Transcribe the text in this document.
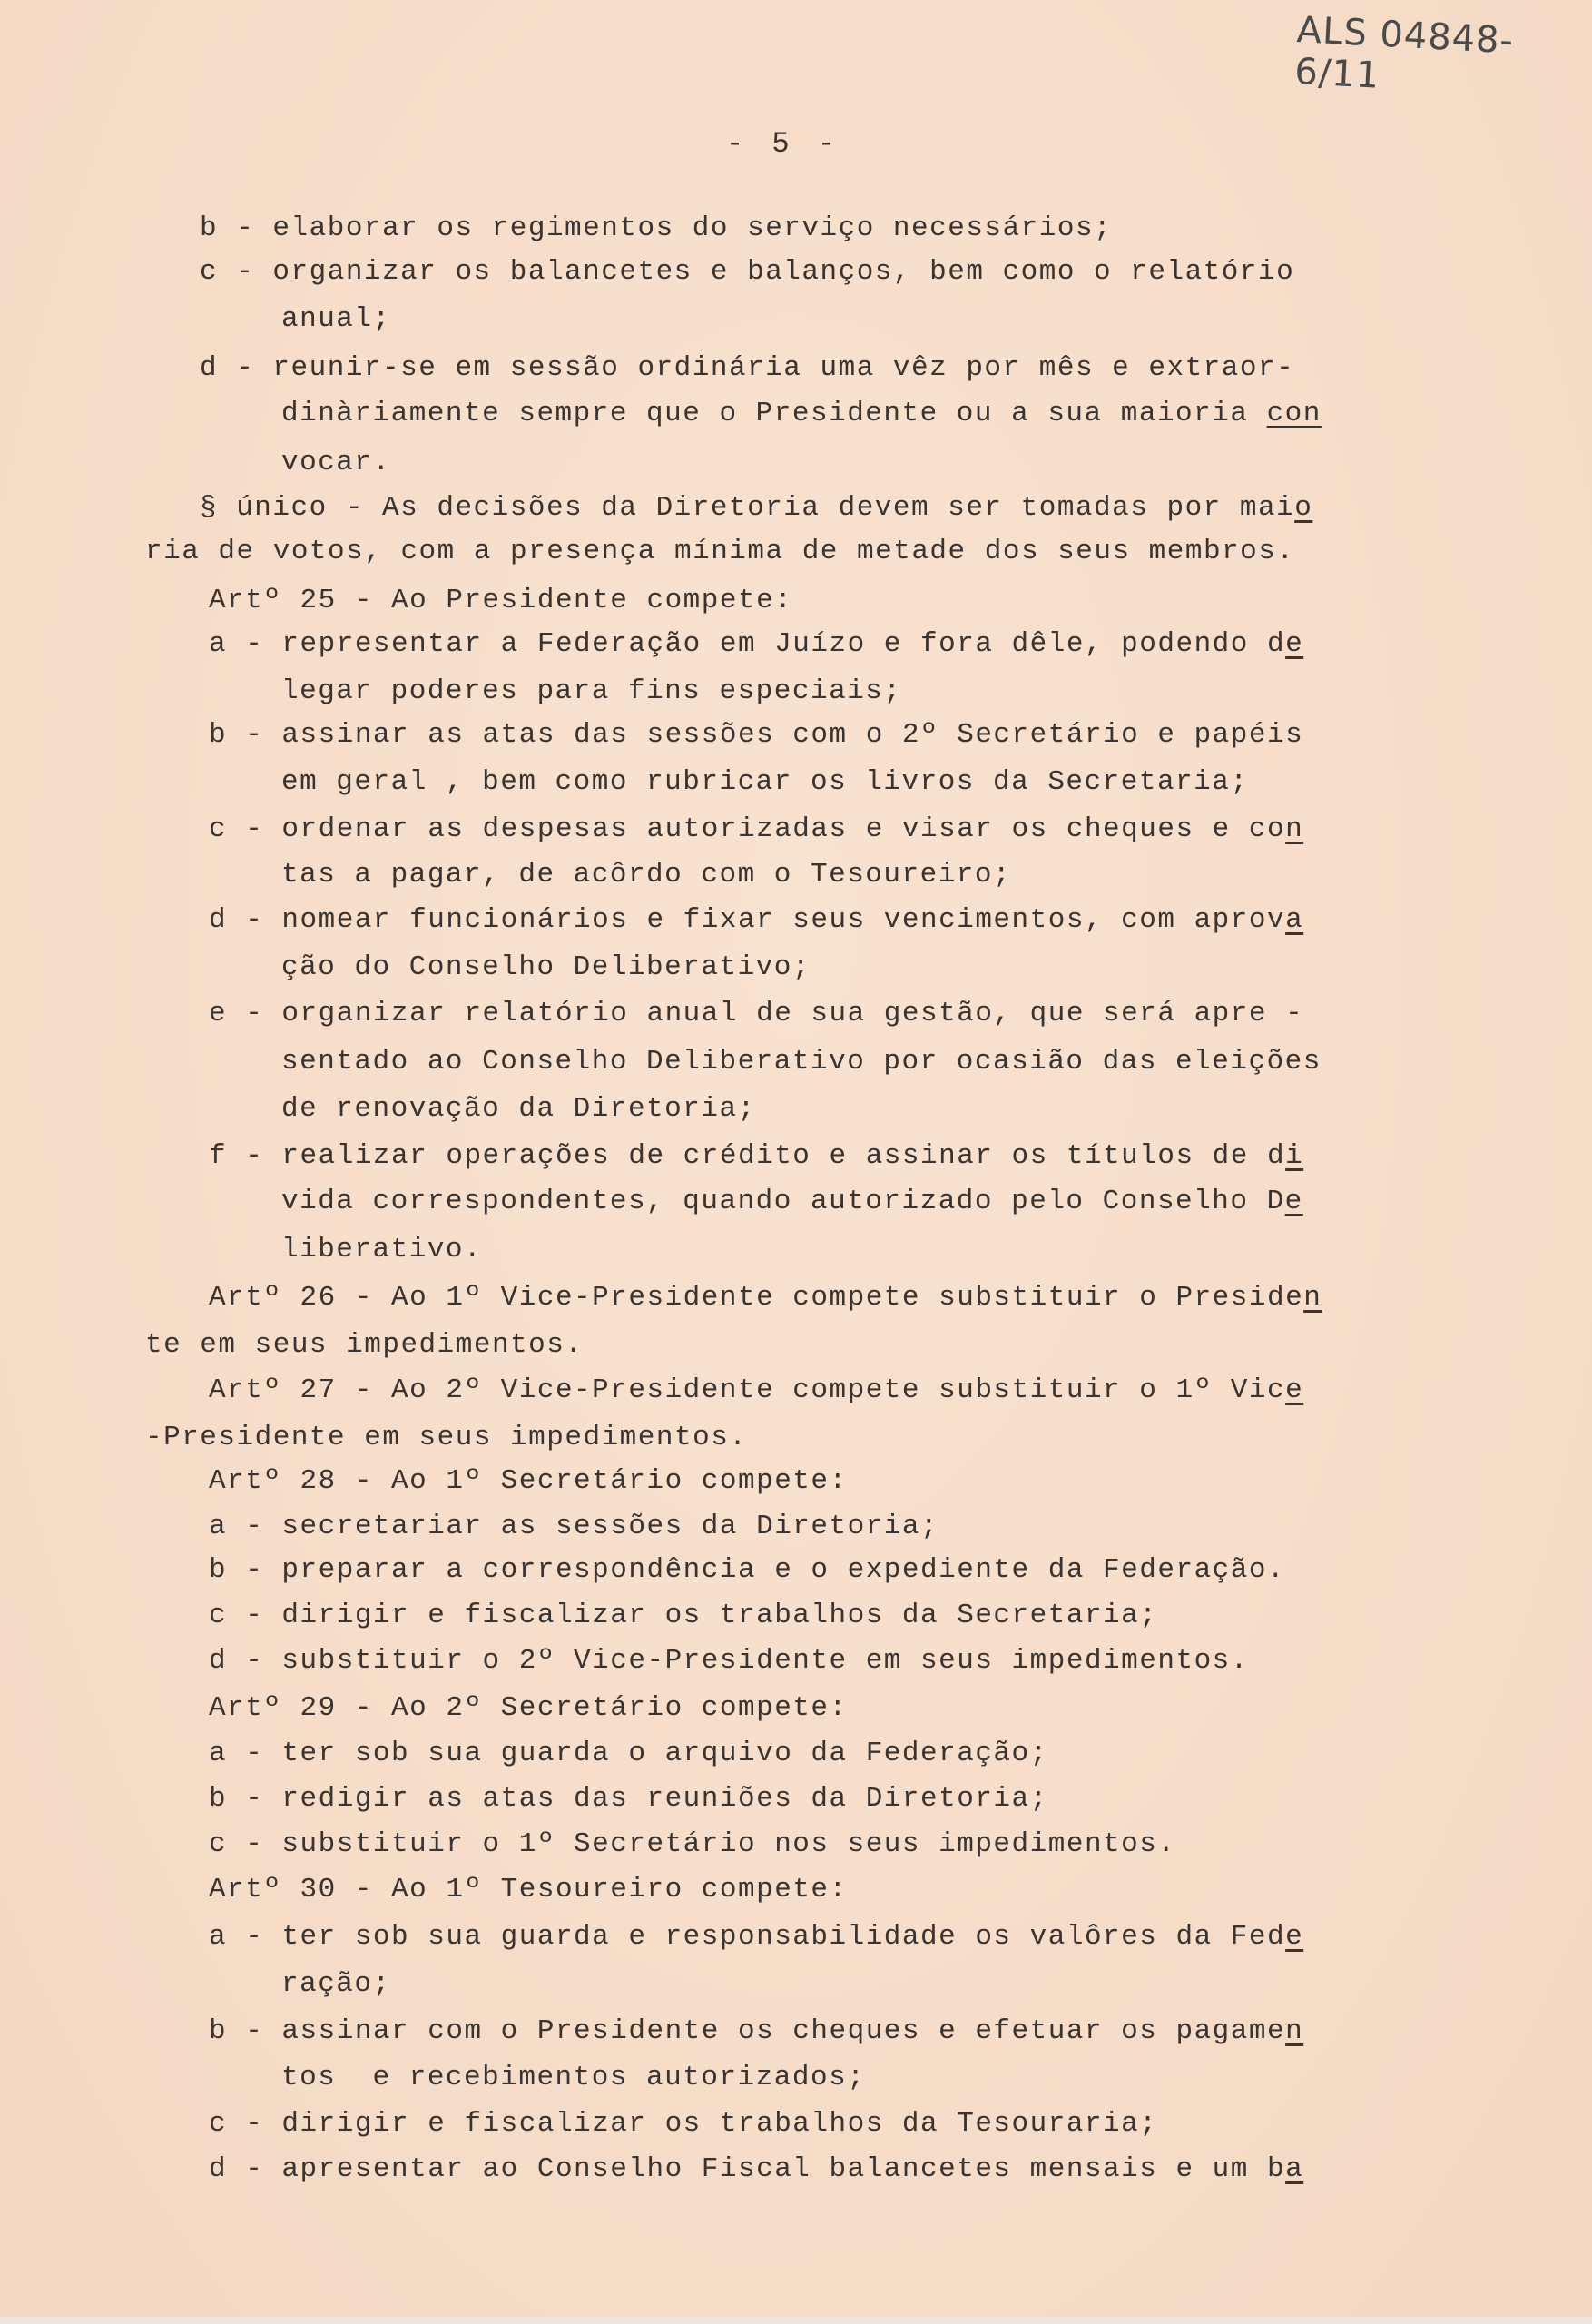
ALS 04848-6/11
- 5 -
b - elaborar os regimentos do serviço necessários;
c - organizar os balancetes e balanços, bem como o relatório
anual;
d - reunir-se em sessão ordinária uma vêz por mês e extraor-
dinàriamente sempre que o Presidente ou a sua maioria con
vocar.
§ único - As decisões da Diretoria devem ser tomadas por maio
ria de votos, com a presença mínima de metade dos seus membros.
Artº 25 - Ao Presidente compete:
a - representar a Federação em Juízo e fora dêle, podendo de
legar poderes para fins especiais;
b - assinar as atas das sessões com o 2º Secretário e papéis
em geral , bem como rubricar os livros da Secretaria;
c - ordenar as despesas autorizadas e visar os cheques e con
tas a pagar, de acôrdo com o Tesoureiro;
d - nomear funcionários e fixar seus vencimentos, com aprova
ção do Conselho Deliberativo;
e - organizar relatório anual de sua gestão, que será apre -
sentado ao Conselho Deliberativo por ocasião das eleições
de renovação da Diretoria;
f - realizar operações de crédito e assinar os títulos de di
vida correspondentes, quando autorizado pelo Conselho De
liberativo.
Artº 26 - Ao 1º Vice-Presidente compete substituir o Presiden
te em seus impedimentos.
Artº 27 - Ao 2º Vice-Presidente compete substituir o 1º Vice
-Presidente em seus impedimentos.
Artº 28 - Ao 1º Secretário compete:
a - secretariar as sessões da Diretoria;
b - preparar a correspondência e o expediente da Federação.
c - dirigir e fiscalizar os trabalhos da Secretaria;
d - substituir o 2º Vice-Presidente em seus impedimentos.
Artº 29 - Ao 2º Secretário compete:
a - ter sob sua guarda o arquivo da Federação;
b - redigir as atas das reuniões da Diretoria;
c - substituir o 1º Secretário nos seus impedimentos.
Artº 30 - Ao 1º Tesoureiro compete:
a - ter sob sua guarda e responsabilidade os valôres da Fede
ração;
b - assinar com o Presidente os cheques e efetuar os pagamen
tos  e recebimentos autorizados;
c - dirigir e fiscalizar os trabalhos da Tesouraria;
d - apresentar ao Conselho Fiscal balancetes mensais e um ba
